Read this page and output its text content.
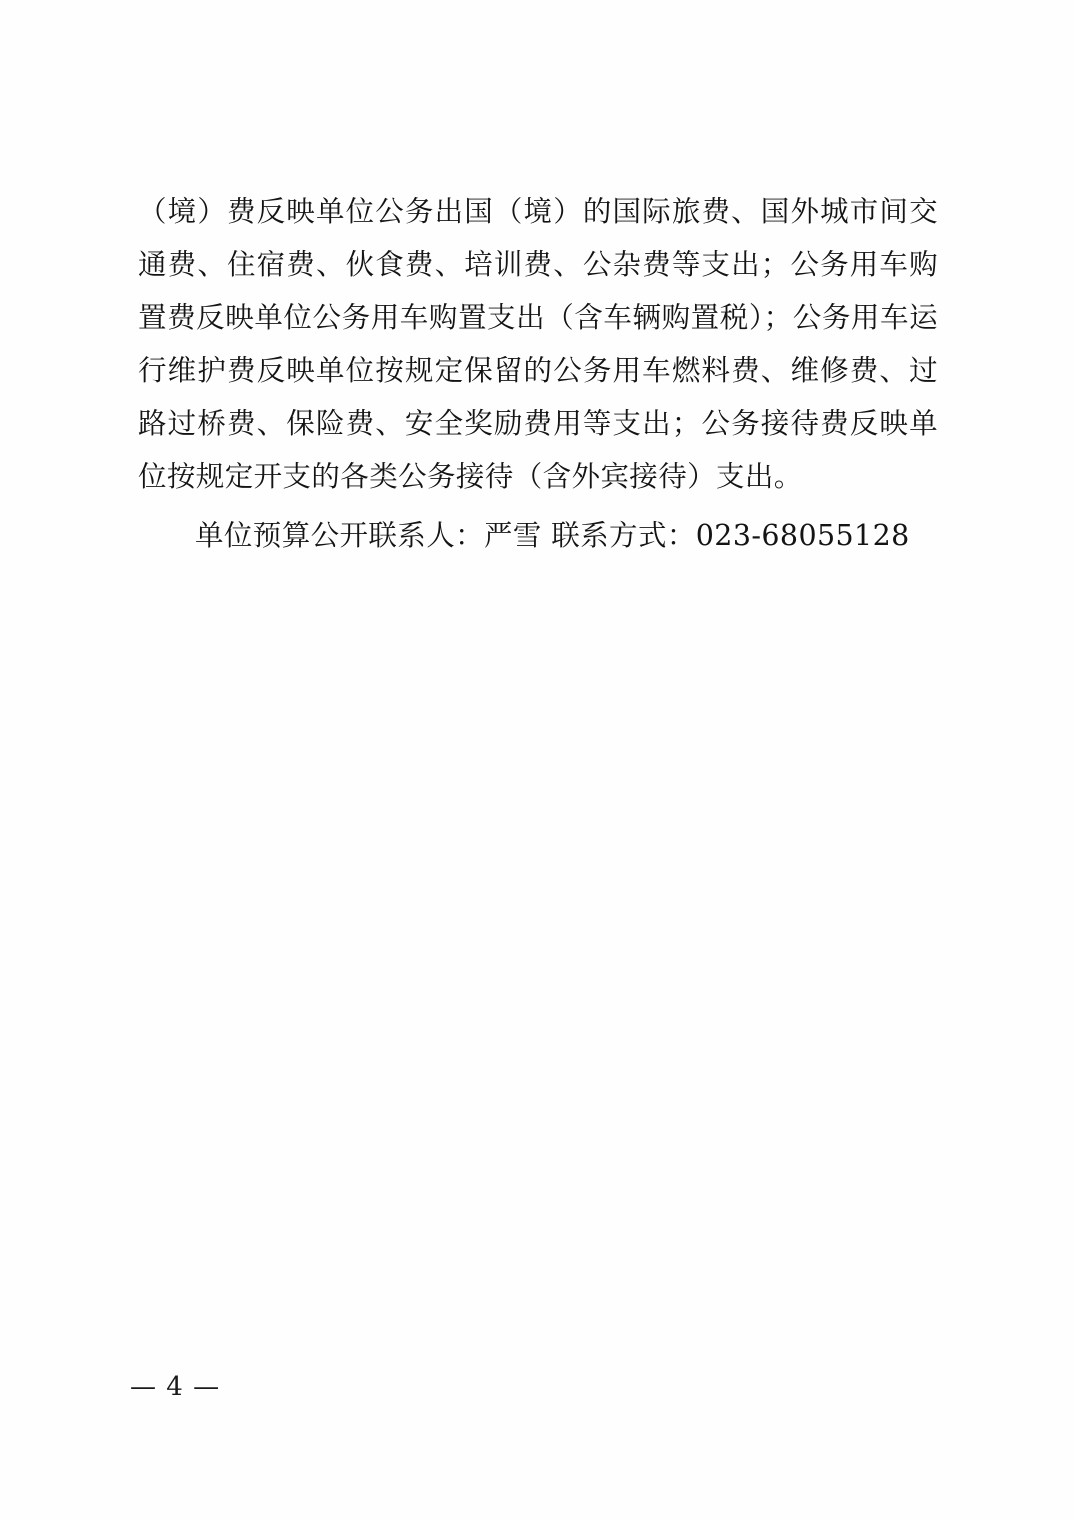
（境）费反映单位公务出国（境）的国际旅费、国外城市间交通费、住宿费、伙食费、培训费、公杂费等支出；公务用车购置费反映单位公务用车购置支出（含车辆购置税）；公务用车运行维护费反映单位按规定保留的公务用车燃料费、维修费、过路过桥费、保险费、安全奖励费用等支出；公务接待费反映单位按规定开支的各类公务接待（含外宾接待）支出。

单位预算公开联系人：严雪 联系方式：023-68055128

— 4 —
